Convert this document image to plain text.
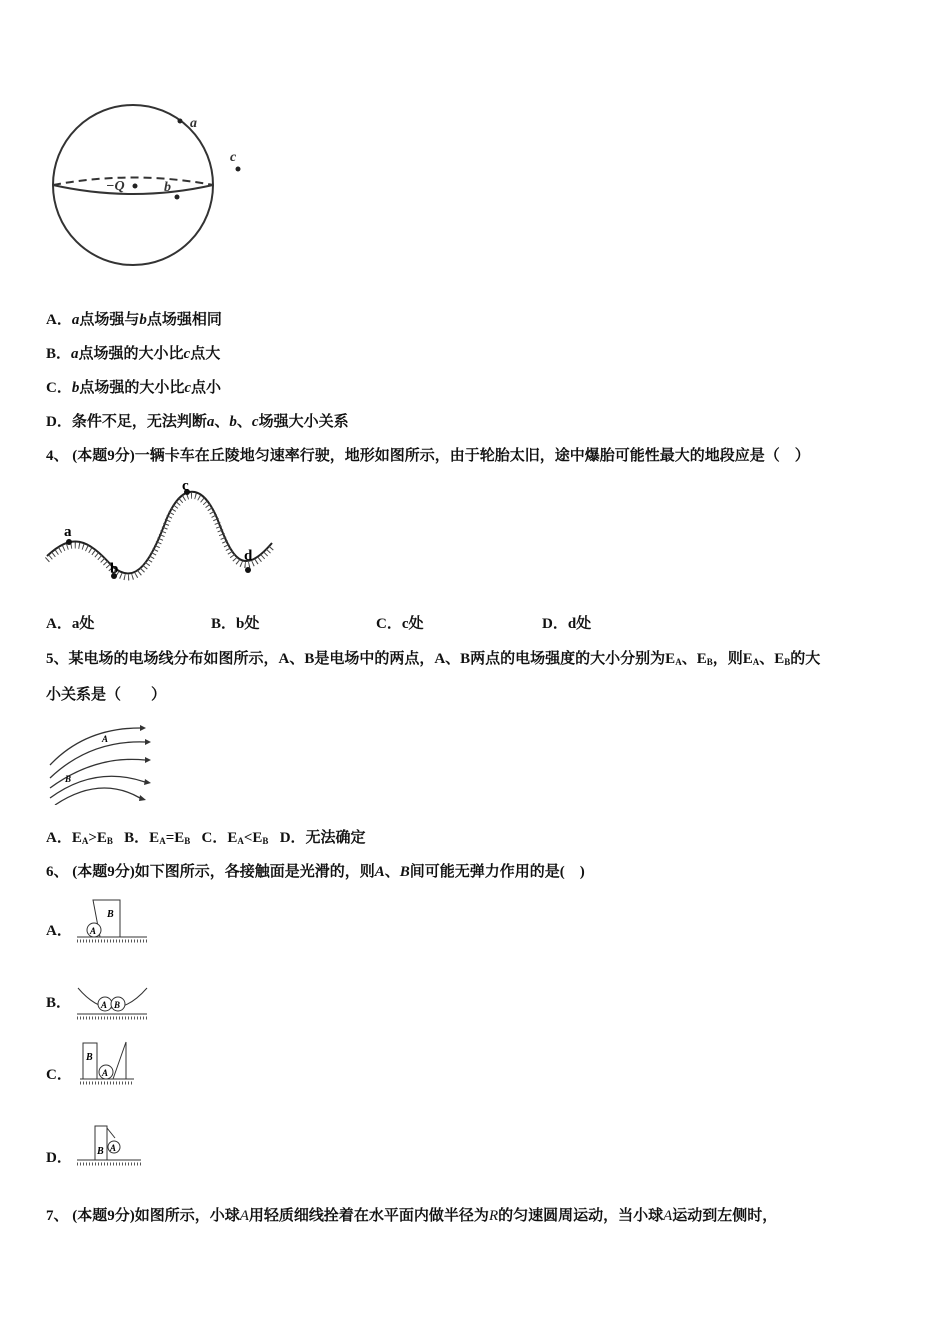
a
b
c
−Q
A．a点场强与b点场强相同
B．a点场强的大小比c点大
C．b点场强的大小比c点小
D．条件不足，无法判断a、b、c场强大小关系
4、 (本题9分)一辆卡车在丘陵地匀速率行驶，地形如图所示，由于轮胎太旧，途中爆胎可能性最大的地段应是（　）
a
b
c
d
A．a处	B．b处	C．c处	D．d处
5、某电场的电场线分布如图所示，A、B是电场中的两点，A、B两点的电场强度的大小分别为$E_A$、$E_B$，则$E_A$、$E_B$的大
小关系是（　　）
A
B
A．$E_A>E_B$ B．$E_A=E_B$ C．$E_A<E_B$ D．无法确定
6、 (本题9分)如下图所示，各接触面是光滑的，则A、B间可能无弹力作用的是(　)
A． A
B
B．	A B
C．	A
B
D．
A
B
7、 (本题9分)如图所示，小球A用轻质细线拴着在水平面内做半径为R的匀速圆周运动，当小球A运动到左侧时，
